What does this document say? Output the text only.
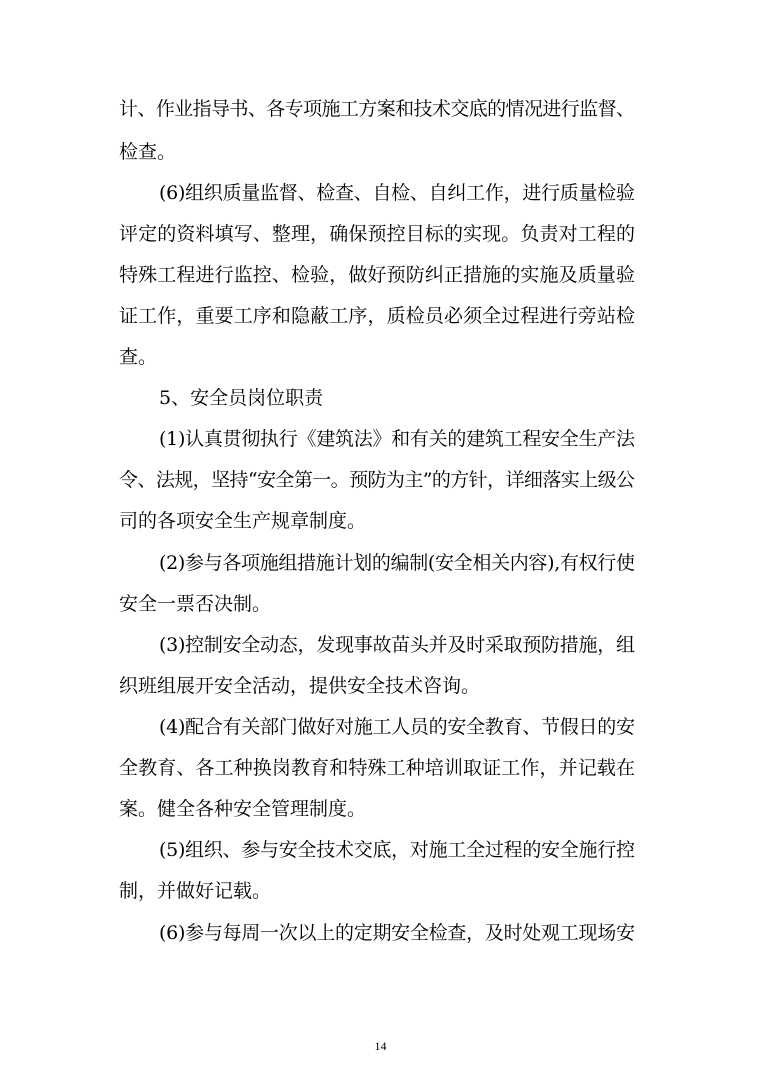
计、作业指导书、各专项施工方案和技术交底的情况进行监督、
检查。
(6)组织质量监督、检查、自检、自纠工作，进行质量检验
评定的资料填写、整理，确保预控目标的实现。负责对工程的
特殊工程进行监控、检验，做好预防纠正措施的实施及质量验
证工作，重要工序和隐蔽工序，质检员必须全过程进行旁站检
查。
5、安全员岗位职责
(1)认真贯彻执行《建筑法》和有关的建筑工程安全生产法
令、法规，坚持“安全第一。预防为主”的方针，详细落实上级公
司的各项安全生产规章制度。
(2)参与各项施组措施计划的编制(安全相关内容),有权行使
安全一票否决制。
(3)控制安全动态，发现事故苗头并及时采取预防措施，组
织班组展开安全活动，提供安全技术咨询。
(4)配合有关部门做好对施工人员的安全教育、节假日的安
全教育、各工种换岗教育和特殊工种培训取证工作，并记载在
案。健全各种安全管理制度。
(5)组织、参与安全技术交底，对施工全过程的安全施行控
制，并做好记载。
(6)参与每周一次以上的定期安全检查，及时处观工现场安
14
